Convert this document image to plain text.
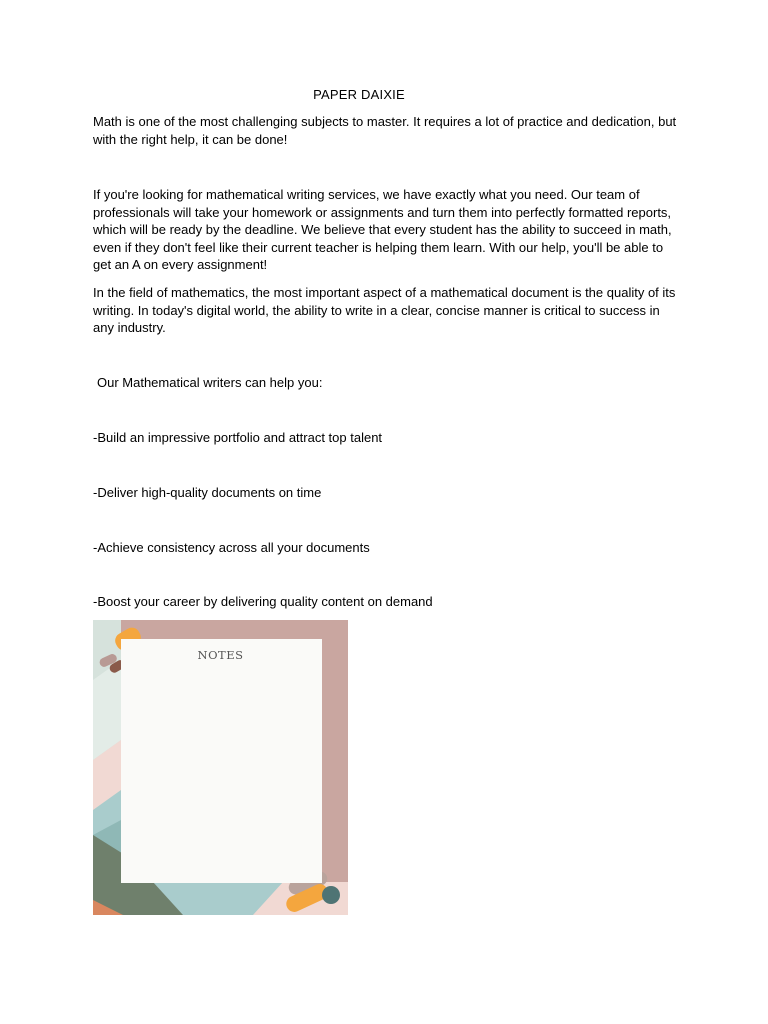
PAPER DAIXIE

Math is one of the most challenging subjects to master. It requires a lot of practice and dedication, but with the right help, it can be done!

If you're looking for mathematical writing services, we have exactly what you need. Our team of professionals will take your homework or assignments and turn them into perfectly formatted reports, which will be ready by the deadline. We believe that every student has the ability to succeed in math, even if they don't feel like their current teacher is helping them learn. With our help, you'll be able to get an A on every assignment!

In the field of mathematics, the most important aspect of a mathematical document is the quality of its writing. In today's digital world, the ability to write in a clear, concise manner is critical to success in any industry.

Our Mathematical writers can help you:

-Build an impressive portfolio and attract top talent

-Deliver high-quality documents on time

-Achieve consistency across all your documents

-Boost your career by delivering quality content on demand

NOTES
